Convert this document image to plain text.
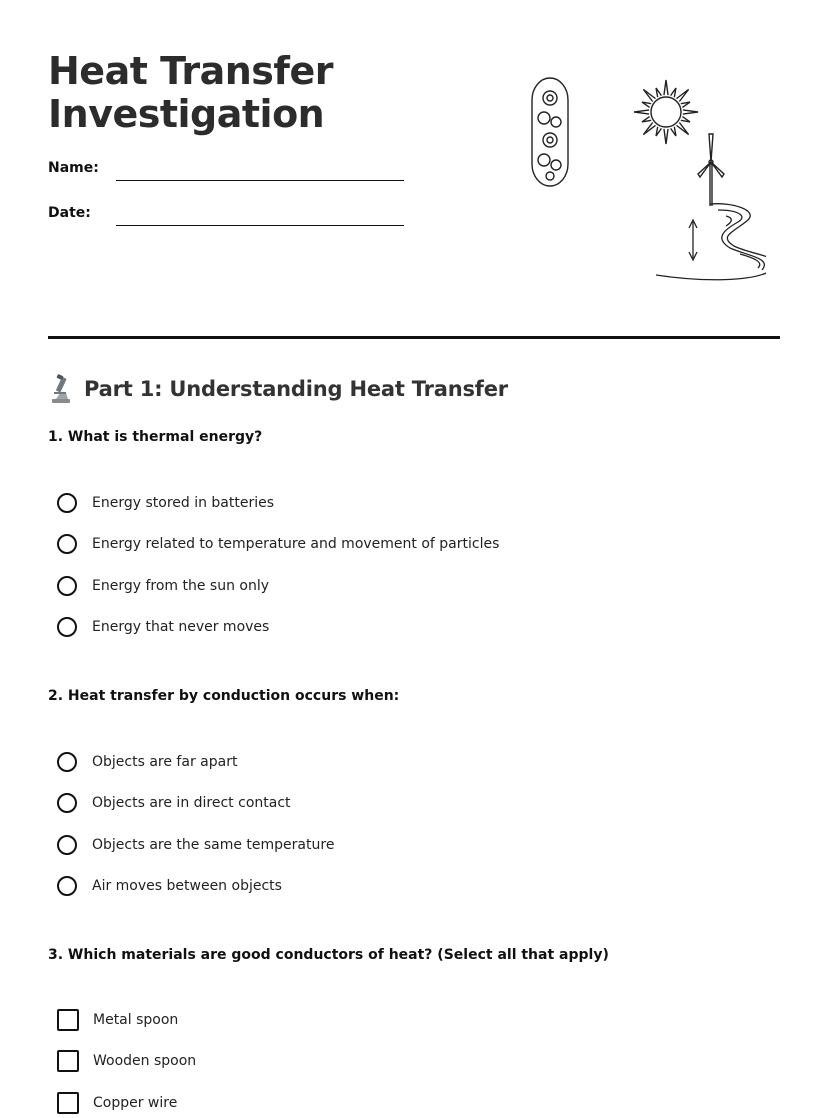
Heat Transfer
Investigation
Name:
Date:
Part 1: Understanding Heat Transfer
1. What is thermal energy?
Energy stored in batteries
Energy related to temperature and movement of particles
Energy from the sun only
Energy that never moves
2. Heat transfer by conduction occurs when:
Objects are far apart
Objects are in direct contact
Objects are the same temperature
Air moves between objects
3. Which materials are good conductors of heat? (Select all that apply)
Metal spoon
Wooden spoon
Copper wire
